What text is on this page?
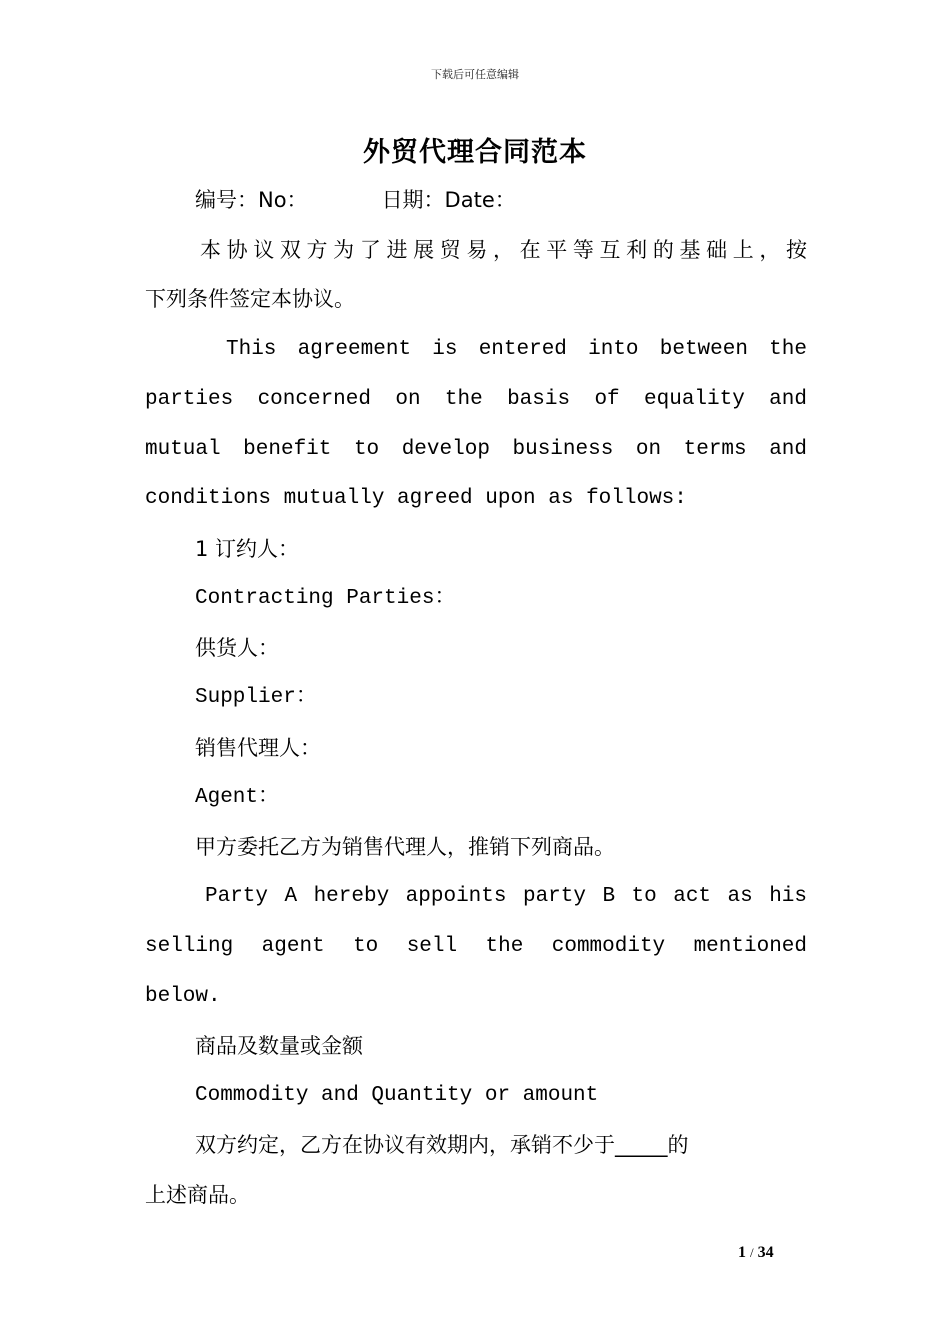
下载后可任意编辑
外贸代理合同范本
编号：No：	日期：Date：
本协议双方为了进展贸易，在平等互利的基础上，按
下列条件签定本协议。
This agreement is entered into between the
parties concerned on the basis of equality and
mutual benefit to develop business on terms and
conditions mutually agreed upon as follows:
1 订约人：
Contracting Parties：
供货人：
Supplier：
销售代理人：
Agent：
甲方委托乙方为销售代理人，推销下列商品。
Party A hereby appoints party B to act as his
selling agent to sell the commodity mentioned
below.
商品及数量或金额
Commodity and Quantity or amount
双方约定，乙方在协议有效期内，承销不少于_____的
上述商品。
1 / 34
